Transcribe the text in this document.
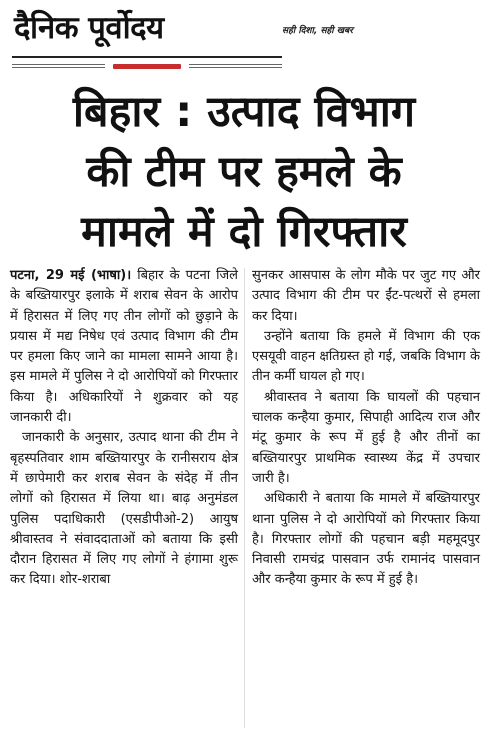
दैनिक पूर्वोदय	सही दिशा, सही खबर
बिहार : उत्पाद विभाग
की टीम पर हमले के
मामले में दो गिरफ्तार

पटना, 29 मई (भाषा)। बिहार के पटना जिले के बख्तियारपुर इलाके में शराब सेवन के आरोप में हिरासत में लिए गए तीन लोगों को छुड़ाने के प्रयास में मद्य निषेध एवं उत्पाद विभाग की टीम पर हमला किए जाने का मामला सामने आया है। इस मामले में पुलिस ने दो आरोपियों को गिरफ्तार किया है। अधिकारियों ने शुक्रवार को यह जानकारी दी।

जानकारी के अनुसार, उत्पाद थाना की टीम ने बृहस्पतिवार शाम बख्तियारपुर के रानीसराय क्षेत्र में छापेमारी कर शराब सेवन के संदेह में तीन लोगों को हिरासत में लिया था। बाढ़ अनुमंडल पुलिस पदाधिकारी (एसडीपीओ-2) आयुष श्रीवास्तव ने संवाददाताओं को बताया कि इसी दौरान हिरासत में लिए गए लोगों ने हंगामा शुरू कर दिया। शोर-शराबा

सुनकर आसपास के लोग मौके पर जुट गए और उत्पाद विभाग की टीम पर ईंट-पत्थरों से हमला कर दिया।

उन्होंने बताया कि हमले में विभाग की एक एसयूवी वाहन क्षतिग्रस्त हो गई, जबकि विभाग के तीन कर्मी घायल हो गए।

श्रीवास्तव ने बताया कि घायलों की पहचान चालक कन्हैया कुमार, सिपाही आदित्य राज और मंटू कुमार के रूप में हुई है और तीनों का बख्तियारपुर प्राथमिक स्वास्थ्य केंद्र में उपचार जारी है।

अधिकारी ने बताया कि मामले में बख्तियारपुर थाना पुलिस ने दो आरोपियों को गिरफ्तार किया है। गिरफ्तार लोगों की पहचान बड़ी महमूदपुर निवासी रामचंद्र पासवान उर्फ रामानंद पासवान और कन्हैया कुमार के रूप में हुई है।
